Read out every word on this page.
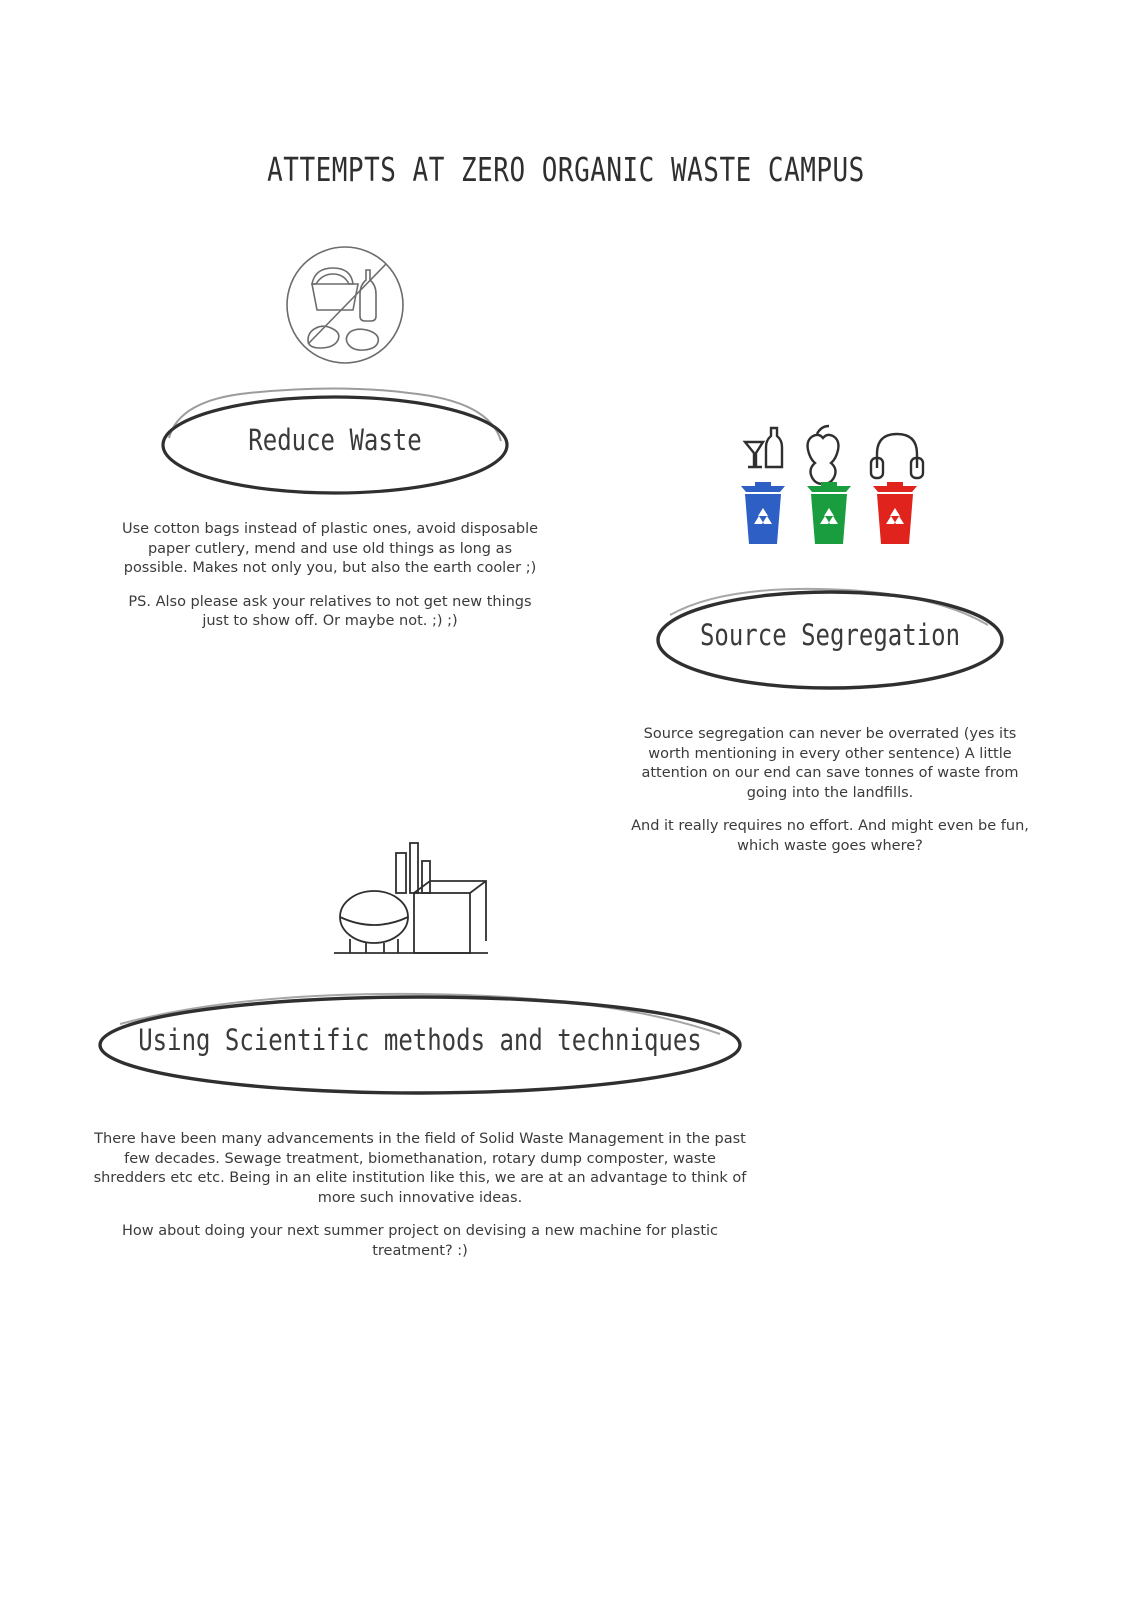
ATTEMPTS AT ZERO ORGANIC WASTE CAMPUS
Reduce Waste

Use cotton bags instead of plastic ones, avoid disposable paper cutlery, mend and use old things as long as possible. Makes not only you, but also the earth cooler ;)

PS. Also please ask your relatives to not get new things just to show off. Or maybe not. ;) ;)	Source Segregation

Source segregation can never be overrated (yes its worth mentioning in every other sentence) A little attention on our end can save tonnes of waste from going into the landfills.

And it really requires no effort. And might even be fun, which waste goes where?

Using Scientific methods and techniques

There have been many advancements in the field of Solid Waste Management in the past few decades. Sewage treatment, biomethanation, rotary dump composter, waste shredders etc etc. Being in an elite institution like this, we are at an advantage to think of more such innovative ideas.

How about doing your next summer project on devising a new machine for plastic treatment? :)
